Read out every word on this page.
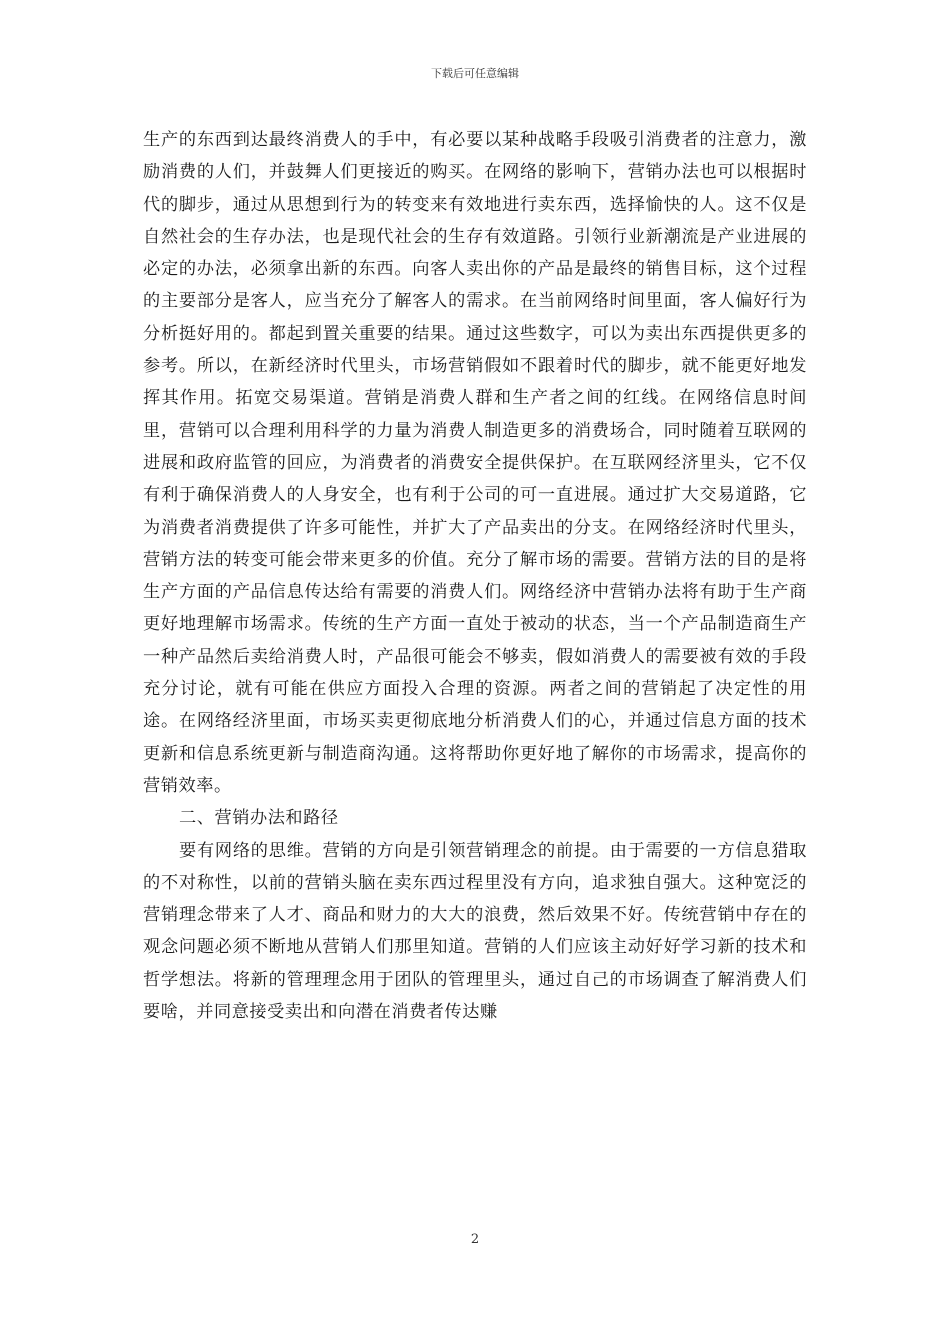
下载后可任意编辑

生产的东西到达最终消费人的手中，有必要以某种战略手段吸引消费者的注意力，激励消费的人们，并鼓舞人们更接近的购买。在网络的影响下，营销办法也可以根据时代的脚步，通过从思想到行为的转变来有效地进行卖东西，选择愉快的人。这不仅是自然社会的生存办法，也是现代社会的生存有效道路。引领行业新潮流是产业进展的必定的办法，必须拿出新的东西。向客人卖出你的产品是最终的销售目标，这个过程的主要部分是客人，应当充分了解客人的需求。在当前网络时间里面，客人偏好行为分析挺好用的。都起到置关重要的结果。通过这些数字，可以为卖出东西提供更多的参考。所以，在新经济时代里头，市场营销假如不跟着时代的脚步，就不能更好地发挥其作用。拓宽交易渠道。营销是消费人群和生产者之间的红线。在网络信息时间里，营销可以合理利用科学的力量为消费人制造更多的消费场合，同时随着互联网的进展和政府监管的回应，为消费者的消费安全提供保护。在互联网经济里头，它不仅有利于确保消费人的人身安全，也有利于公司的可一直进展。通过扩大交易道路，它为消费者消费提供了许多可能性，并扩大了产品卖出的分支。在网络经济时代里头，营销方法的转变可能会带来更多的价值。充分了解市场的需要。营销方法的目的是将生产方面的产品信息传达给有需要的消费人们。网络经济中营销办法将有助于生产商更好地理解市场需求。传统的生产方面一直处于被动的状态，当一个产品制造商生产一种产品然后卖给消费人时，产品很可能会不够卖，假如消费人的需要被有效的手段充分讨论，就有可能在供应方面投入合理的资源。两者之间的营销起了决定性的用途。在网络经济里面，市场买卖更彻底地分析消费人们的心，并通过信息方面的技术更新和信息系统更新与制造商沟通。这将帮助你更好地了解你的市场需求，提高你的营销效率。

二、营销办法和路径

要有网络的思维。营销的方向是引领营销理念的前提。由于需要的一方信息猎取的不对称性，以前的营销头脑在卖东西过程里没有方向，追求独自强大。这种宽泛的营销理念带来了人才、商品和财力的大大的浪费，然后效果不好。传统营销中存在的观念问题必须不断地从营销人们那里知道。营销的人们应该主动好好学习新的技术和哲学想法。将新的管理理念用于团队的管理里头，通过自己的市场调查了解消费人们要啥，并同意接受卖出和向潜在消费者传达赚

2
